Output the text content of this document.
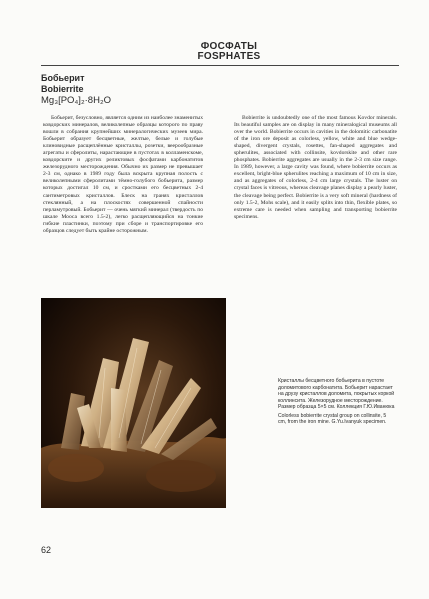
ФОСФАТЫ
FOSPHATES
Бобьерит
Bobierrite
Mg₃[PO₄]₂·8H₂O

Бобьерит, безусловно, является одним из наиболее знаменитых ковдорских минералов, великолепные образцы которого по праву вошли в собрания крупнейших минералогических музеев мира. Бобьерит образует бесцветные, желтые, белые и голубые клиновидные расщеплённые кристаллы, розетки, веерообразные агрегаты и сферолиты, нарастающие в пустотах в колламенскоме, ковдорските и других реликтовых фосфатами карбонатитов железорудного месторождения. Обычно их размер не превышает 2-3 см, однако в 1989 году была вскрыта крупная полость с великолепными сферолитами тёмно-голубого бобьерита, размер которых достигал 10 см, и сростками его бесцветных 2-4 сантиметровых кристаллов. Блеск на гранях кристаллов стеклянный, а на плоскостях совершенной спайности перламутровый. Бобьерит — очень мягкий минерал (твердость по шкале Мооса всего 1.5-2), легко расщепляющийся на тонкие гибкие пластинки, поэтому при сборе и транспортировке его образцов следует быть крайне осторожным.

Bobierrite is undoubtedly one of the most famous Kovdor minerals. Its beautiful samples are on display in many mineralogical museums all over the world. Bobierrite occurs in cavities in the dolomitic carbonatite of the iron ore deposit as colorless, yellow, white and blue wedge-shaped, divergent crystals, rosettes, fan-shaped aggregates and spherulites, associated with collinsite, kovdorskite and other rare phosphates. Bobierrite aggregates are usually in the 2-3 cm size range. In 1989, however, a large cavity was found, where bobierrite occurs as excellent, bright-blue spherulites reaching a maximum of 10 cm in size, and as aggregates of colorless, 2-4 cm large crystals. The luster on crystal faces is vitreous, whereas cleavage planes display a pearly luster, the cleavage being perfect. Bobierrite is a very soft mineral (hardness of only 1.5-2, Mohs scale), and it easily splits into thin, flexible plates, so extreme care is needed when sampling and transporting bobierrite specimens.

Кристаллы бесцветного бобьерита в пустоте доломитового карбонатита. Бобьерит нарастает на друзу кристаллов доломита, покрытых коркой коллинсита. Железорудное месторождение. Размер образца 5×5 см. Коллекция Г.Ю.Иванюка

Colorless bobierrite crystal group on collinsite, 5 cm, from the iron mine. G.Yu.Ivanyuk specimen.

62
